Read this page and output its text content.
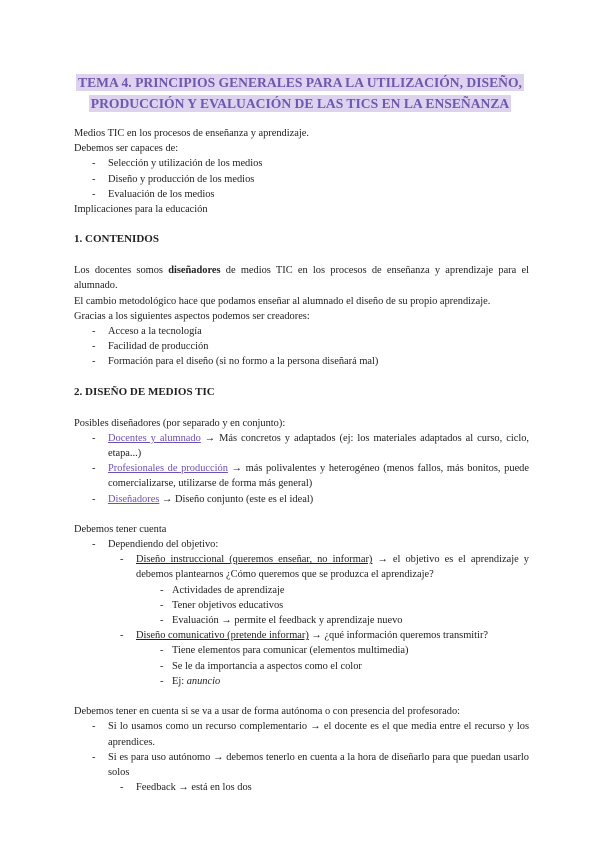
TEMA 4. PRINCIPIOS GENERALES PARA LA UTILIZACIÓN, DISEÑO, PRODUCCIÓN Y EVALUACIÓN DE LAS TICS EN LA ENSEÑANZA

Medios TIC en los procesos de enseñanza y aprendizaje.

Debemos ser capaces de:

-	Selección y utilización de los medios
-	Diseño y producción de los medios
-	Evaluación de los medios

Implicaciones para la educación

1. CONTENIDOS

Los docentes somos diseñadores de medios TIC en los procesos de enseñanza y aprendizaje para el alumnado.

El cambio metodológico hace que podamos enseñar al alumnado el diseño de su propio aprendizaje.

Gracias a los siguientes aspectos podemos ser creadores:

-	Acceso a la tecnología
-	Facilidad de producción
-	Formación para el diseño (si no formo a la persona diseñará mal)

2. DISEÑO DE MEDIOS TIC

Posibles diseñadores (por separado y en conjunto):

-	Docentes y alumnado → Más concretos y adaptados (ej: los materiales adaptados al curso, ciclo, etapa...)
-	Profesionales de producción → más polivalentes y heterogéneo (menos fallos, más bonitos, puede comercializarse, utilizarse de forma más general)
-	Diseñadores → Diseño conjunto (este es el ideal)

Debemos tener cuenta

-	Dependiendo del objetivo:
-	Diseño instruccional (queremos enseñar, no informar) → el objetivo es el aprendizaje y debemos plantearnos ¿Cómo queremos que se produzca el aprendizaje?
- Actividades de aprendizaje
- Tener objetivos educativos
- Evaluación → permite el feedback y aprendizaje nuevo
-	Diseño comunicativo (pretende informar) → ¿qué información queremos transmitir?
- Tiene elementos para comunicar (elementos multimedia)
- Se le da importancia a aspectos como el color
- Ej: anuncio

Debemos tener en cuenta si se va a usar de forma autónoma o con presencia del profesorado:

-	Si lo usamos como un recurso complementario → el docente es el que media entre el recurso y los aprendices.
-	Si es para uso autónomo → debemos tenerlo en cuenta a la hora de diseñarlo para que puedan usarlo solos
-	Feedback → está en los dos
